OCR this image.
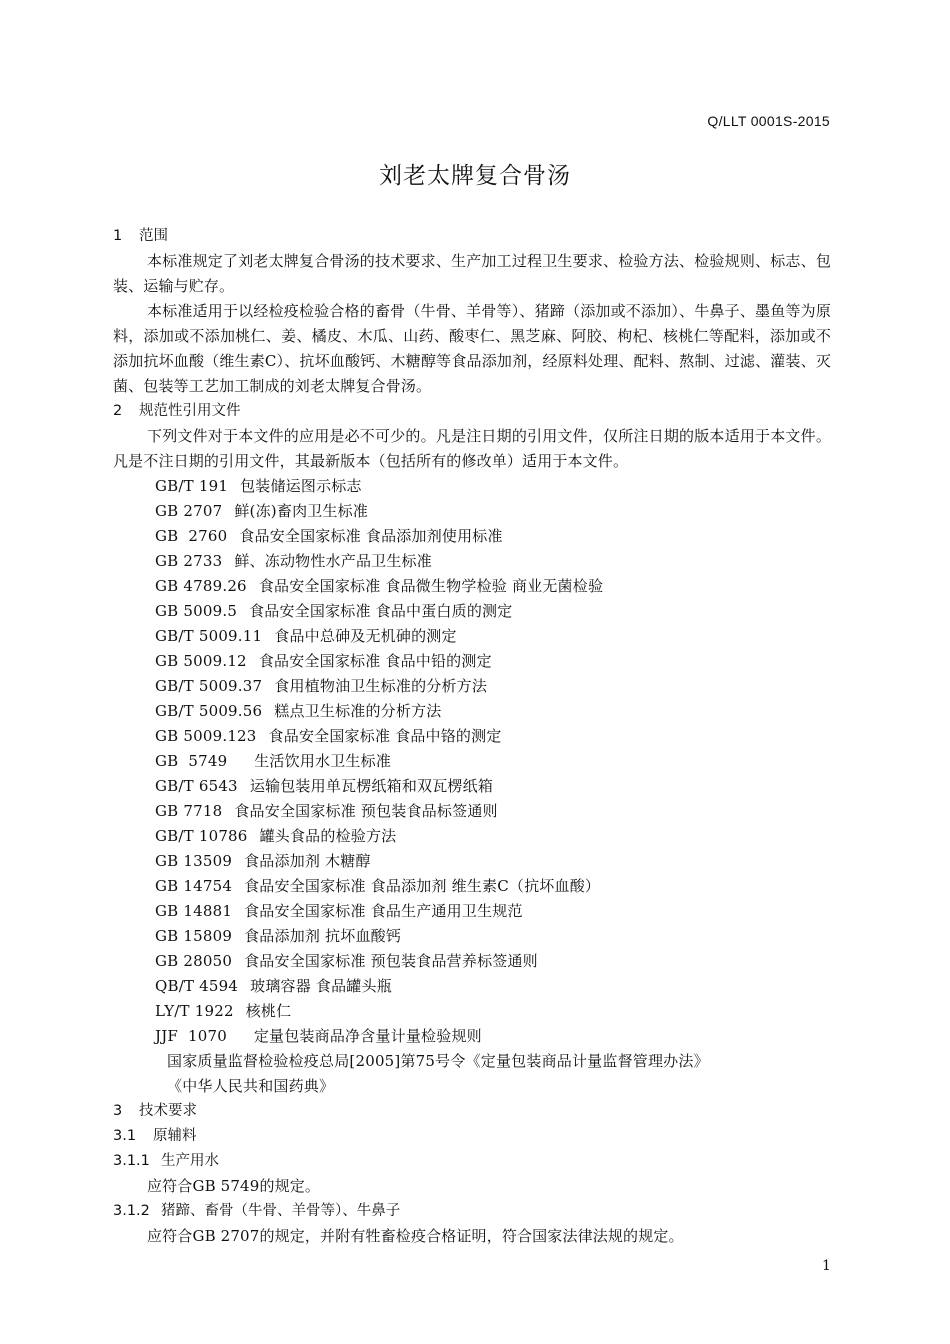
Q/LLT 0001S-2015
刘老太牌复合骨汤
1 范围
本标准规定了刘老太牌复合骨汤的技术要求、生产加工过程卫生要求、检验方法、检验规则、标志、包装、运输与贮存。
本标准适用于以经检疫检验合格的畜骨（牛骨、羊骨等）、猪蹄（添加或不添加）、牛鼻子、墨鱼等为原料，添加或不添加桃仁、姜、橘皮、木瓜、山药、酸枣仁、黑芝麻、阿胶、枸杞、核桃仁等配料，添加或不添加抗坏血酸（维生素C）、抗坏血酸钙、木糖醇等食品添加剂，经原料处理、配料、熬制、过滤、灌装、灭菌、包装等工艺加工制成的刘老太牌复合骨汤。
2 规范性引用文件
下列文件对于本文件的应用是必不可少的。凡是注日期的引用文件，仅所注日期的版本适用于本文件。凡是不注日期的引用文件，其最新版本（包括所有的修改单）适用于本文件。
GB/T 191 包装储运图示标志
GB 2707 鲜(冻)畜肉卫生标准
GB  2760 食品安全国家标准 食品添加剂使用标准
GB 2733 鲜、冻动物性水产品卫生标准
GB 4789.26 食品安全国家标准 食品微生物学检验 商业无菌检验
GB 5009.5 食品安全国家标准 食品中蛋白质的测定
GB/T 5009.11 食品中总砷及无机砷的测定
GB 5009.12 食品安全国家标准 食品中铅的测定
GB/T 5009.37 食用植物油卫生标准的分析方法
GB/T 5009.56 糕点卫生标准的分析方法
GB 5009.123 食品安全国家标准 食品中铬的测定
GB  5749   生活饮用水卫生标准
GB/T 6543 运输包装用单瓦楞纸箱和双瓦楞纸箱
GB 7718 食品安全国家标准 预包装食品标签通则
GB/T 10786 罐头食品的检验方法
GB 13509 食品添加剂 木糖醇
GB 14754 食品安全国家标准 食品添加剂 维生素C（抗坏血酸）
GB 14881 食品安全国家标准 食品生产通用卫生规范
GB 15809 食品添加剂 抗坏血酸钙
GB 28050 食品安全国家标准 预包装食品营养标签通则
QB/T 4594 玻璃容器 食品罐头瓶
LY/T 1922 核桃仁
JJF  1070   定量包装商品净含量计量检验规则
国家质量监督检验检疫总局[2005]第75号令《定量包装商品计量监督管理办法》
《中华人民共和国药典》
3 技术要求
3.1 原辅料
3.1.1 生产用水
应符合GB 5749的规定。
3.1.2 猪蹄、畜骨（牛骨、羊骨等）、牛鼻子
应符合GB 2707的规定，并附有牲畜检疫合格证明，符合国家法律法规的规定。
1
